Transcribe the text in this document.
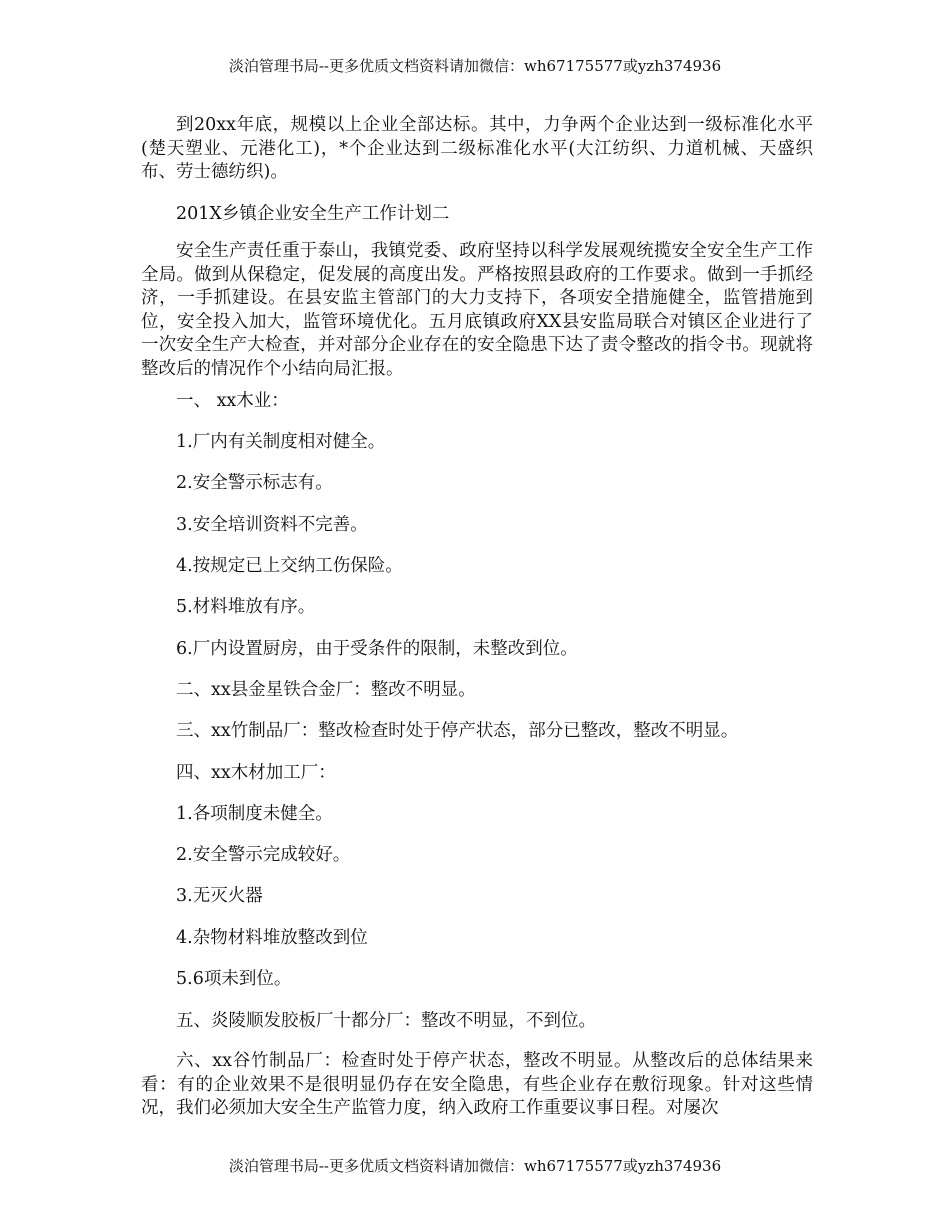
淡泊管理书局--更多优质文档资料请加微信：wh67175577或yzh374936

到20xx年底，规模以上企业全部达标。其中，力争两个企业达到一级标准化水平(楚天塑业、元港化工)，*个企业达到二级标准化水平(大江纺织、力道机械、天盛织布、劳士德纺织)。

201X乡镇企业安全生产工作计划二

安全生产责任重于泰山，我镇党委、政府坚持以科学发展观统揽安全安全生产工作全局。做到从保稳定，促发展的高度出发。严格按照县政府的工作要求。做到一手抓经济，一手抓建设。在县安监主管部门的大力支持下，各项安全措施健全，监管措施到位，安全投入加大，监管环境优化。五月底镇政府XX县安监局联合对镇区企业进行了一次安全生产大检查，并对部分企业存在的安全隐患下达了责令整改的指令书。现就将整改后的情况作个小结向局汇报。

一、 xx木业：

1.厂内有关制度相对健全。

2.安全警示标志有。

3.安全培训资料不完善。

4.按规定已上交纳工伤保险。

5.材料堆放有序。

6.厂内设置厨房，由于受条件的限制，未整改到位。

二、xx县金星铁合金厂：整改不明显。

三、xx竹制品厂：整改检查时处于停产状态，部分已整改，整改不明显。

四、xx木材加工厂：

1.各项制度未健全。

2.安全警示完成较好。

3.无灭火器

4.杂物材料堆放整改到位

5.6项未到位。

五、炎陵顺发胶板厂十都分厂：整改不明显，不到位。

六、xx谷竹制品厂：检查时处于停产状态，整改不明显。从整改后的总体结果来看：有的企业效果不是很明显仍存在安全隐患，有些企业存在敷衍现象。针对这些情况，我们必须加大安全生产监管力度，纳入政府工作重要议事日程。对屡次

淡泊管理书局--更多优质文档资料请加微信：wh67175577或yzh374936
